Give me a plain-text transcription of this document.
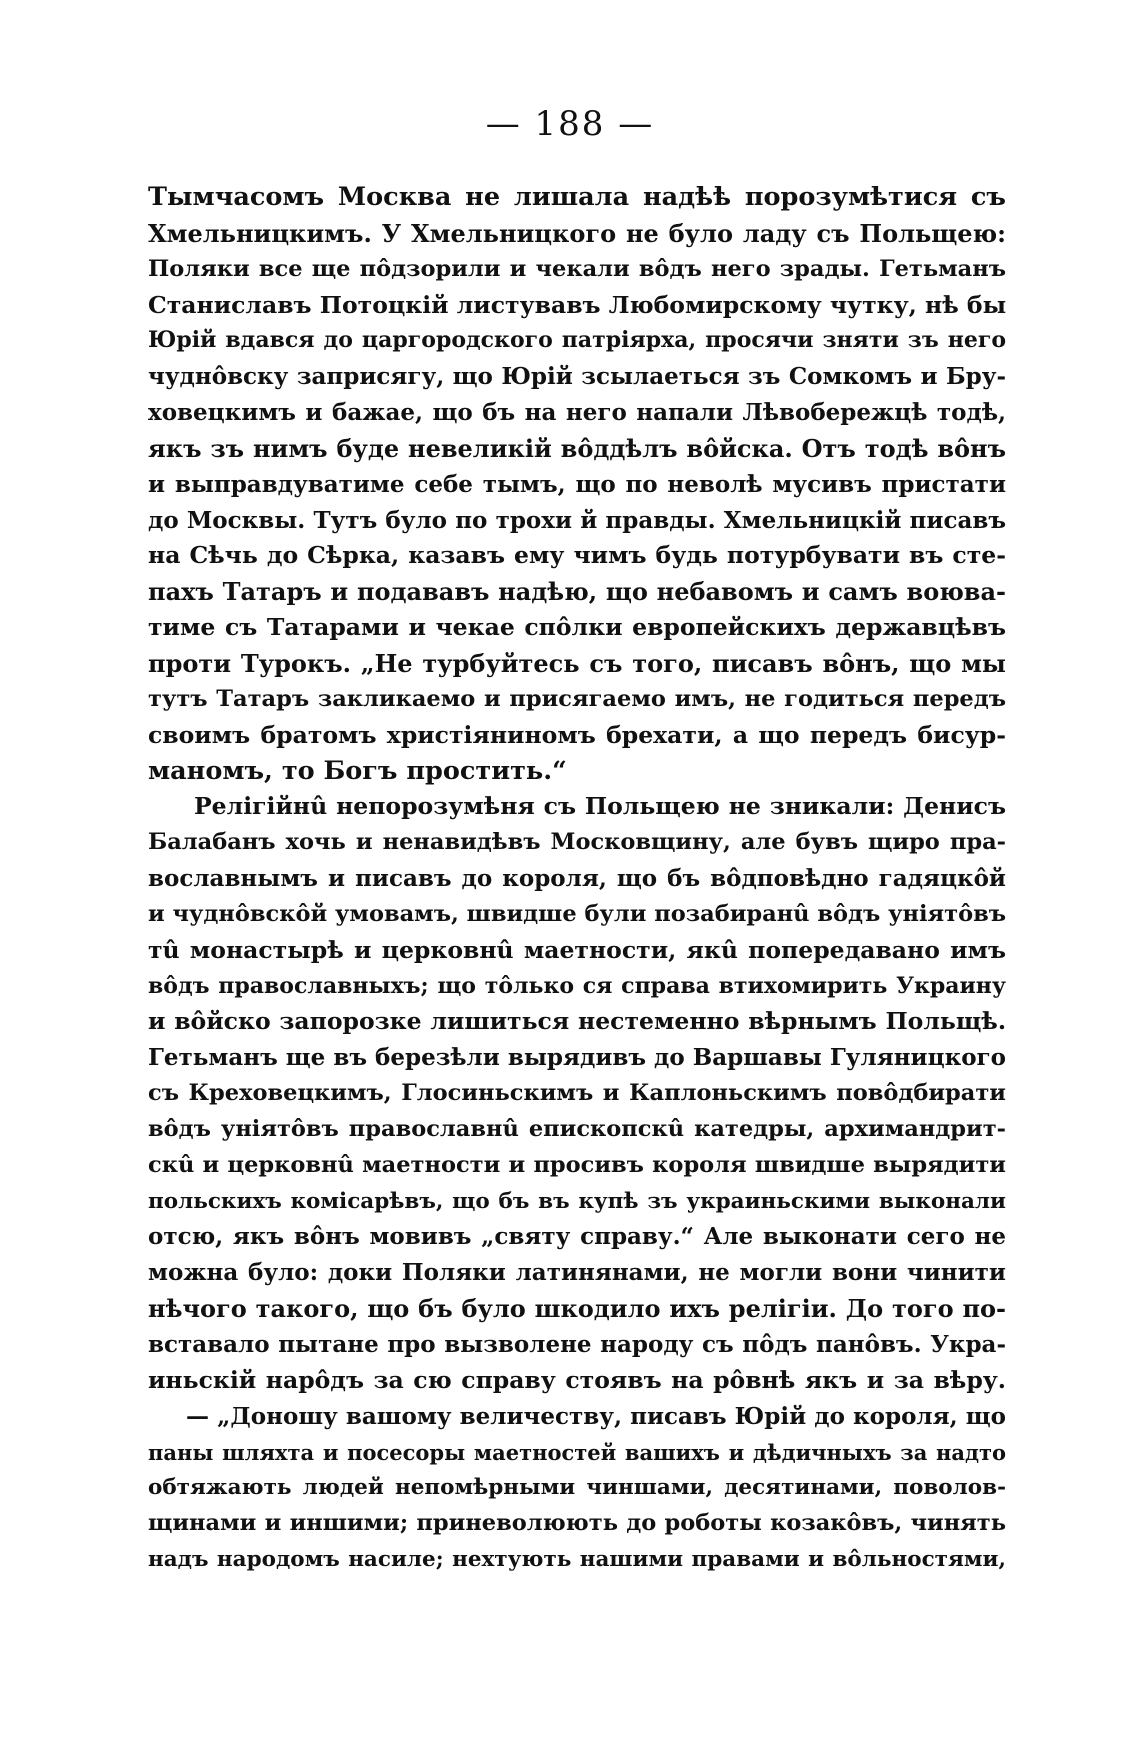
— 188 —
Тымчасомъ Москва не лишала надѣѣ порозумѣтися съ
Хмельницкимъ. У Хмельницкого не було ладу съ Польщею:
Поляки все ще пôдзорили и чекали вôдъ него зрады. Гетьманъ
Станиславъ Потоцкій листувавъ Любомирскому чутку, нѣ бы
Юрій вдався до царгородского патріярха, просячи зняти зъ него
чуднôвску заприсягу, що Юрій зсылаеться зъ Сомкомъ и Бру-
ховецкимъ и бажае, що бъ на него напали Лѣвобережцѣ тодѣ,
якъ зъ нимъ буде невеликій вôддѣлъ вôйска. Отъ тодѣ вôнъ
и выправдуватиме себе тымъ, що по неволѣ мусивъ пристати
до Москвы. Тутъ було по трохи й правды. Хмельницкій писавъ
на Сѣчь до Сѣрка, казавъ ему чимъ будь потурбувати въ сте-
пахъ Татаръ и подававъ надѣю, що небавомъ и самъ воюва-
тиме съ Татарами и чекае спôлки европейскихъ державцѣвъ
проти Турокъ. „Не турбуйтесь съ того, писавъ вôнъ, що мы
тутъ Татаръ закликаемо и присягаемо имъ, не годиться передъ
своимъ братомъ христіяниномъ брехати, а що передъ бисур-
маномъ, то Богъ простить.“
Релігійнû непорозумѣня съ Польщею не зникали: Денисъ
Балабанъ хочь и ненавидѣвъ Московщину, але бувъ щиро пра-
вославнымъ и писавъ до короля, що бъ вôдповѣдно гадяцкôй
и чуднôвскôй умовамъ, швидше були позабиранû вôдъ уніятôвъ
тû монастырѣ и церковнû маетности, якû попередавано имъ
вôдъ православныхъ; що тôлько ся справа втихомирить Украину
и вôйско запорозке лишиться нестеменно вѣрнымъ Польщѣ.
Гетьманъ ще въ березѣли вырядивъ до Варшавы Гуляницкого
съ Креховецкимъ, Глосиньскимъ и Каплоньскимъ повôдбирати
вôдъ уніятôвъ православнû епископскû катедры, архимандрит-
скû и церковнû маетности и просивъ короля швидше вырядити
польскихъ комісарѣвъ, що бъ въ купѣ зъ украиньскими выконали
отсю, якъ вôнъ мовивъ „святу справу.“ Але выконати сего не
можна було: доки Поляки латинянами, не могли вони чинити
нѣчого такого, що бъ було шкодило ихъ релігіи. До того по-
вставало пытане про вызволене народу съ пôдъ панôвъ. Укра-
иньскій нарôдъ за сю справу стоявъ на рôвнѣ якъ и за вѣру.
— „Доношу вашому величеству, писавъ Юрій до короля, що
паны шляхта и посесоры маетностей вашихъ и дѣдичныхъ за надто
обтяжають людей непомѣрными чиншами, десятинами, поволов-
щинами и иншими; приневолюють до роботы козакôвъ, чинять
надъ народомъ насиле; нехтують нашими правами и вôльностями,
